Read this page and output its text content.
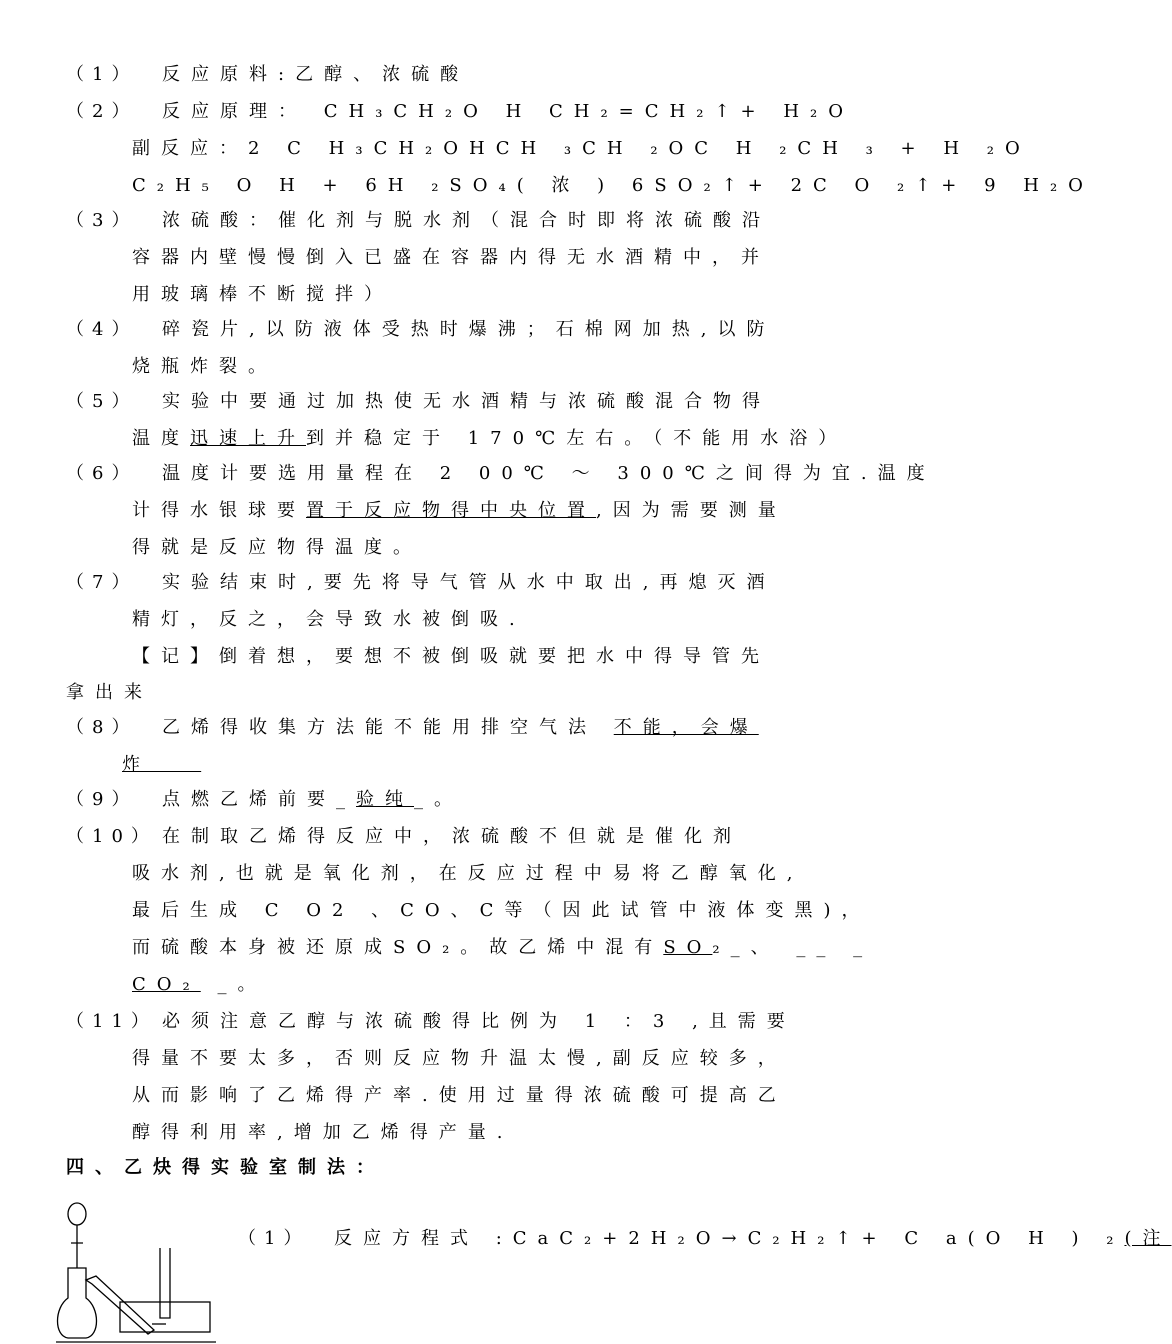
（1） 反应原料:乙醇、浓硫酸
（2） 反应原理： CH₃CH₂O H CH₂=CH₂↑+ H₂O
副反应：2 C H₃CH₂OHCH ₃CH ₂OC H ₂CH ₃ + H ₂O
C₂H₅ O H + 6H ₂SO₄( 浓 ) 6SO₂↑+ 2C O ₂↑+ 9 H₂O
（3） 浓硫酸：催化剂与脱水剂（混合时即将浓硫酸沿
容器内壁慢慢倒入已盛在容器内得无水酒精中，并
用玻璃棒不断搅拌）
（4） 碎瓷片,以防液体受热时爆沸；石棉网加热,以防
烧瓶炸裂。
（5） 实验中要通过加热使无水酒精与浓硫酸混合物得
温度迅速上升到并稳定于 170℃左右。（不能用水浴）
（6） 温度计要选用量程在 2 00℃ ～ 300℃之间得为宜.温度
计得水银球要置于反应物得中央位置,因为需要测量
得就是反应物得温度。
（7） 实验结束时,要先将导气管从水中取出,再熄灭酒
精灯，反之，会导致水被倒吸.
【记】倒着想，要想不被倒吸就要把水中得导管先
拿出来
（8） 乙烯得收集方法能不能用排空气法 不能，会爆
炸
（9） 点燃乙烯前要_验纯_。
（10） 在制取乙烯得反应中，浓硫酸不但就是催化剂
吸水剂,也就是氧化剂，在反应过程中易将乙醇氧化,
最后生成 C O2 、CO、C等（因此试管中液体变黑)，
而硫酸本身被还原成SO₂。故乙烯中混有SO₂_、 __ _
CO₂ _。
（11） 必须注意乙醇与浓硫酸得比例为 1 ：3 ,且需要
得量不要太多，否则反应物升温太慢,副反应较多，
从而影响了乙烯得产率.使用过量得浓硫酸可提高乙
醇得利用率,增加乙烯得产量.
四、乙炔得实验室制法：
（1） 反应方程式 :CaC₂+2H₂O→C₂H₂↑+ C a(O H ) ₂(注
